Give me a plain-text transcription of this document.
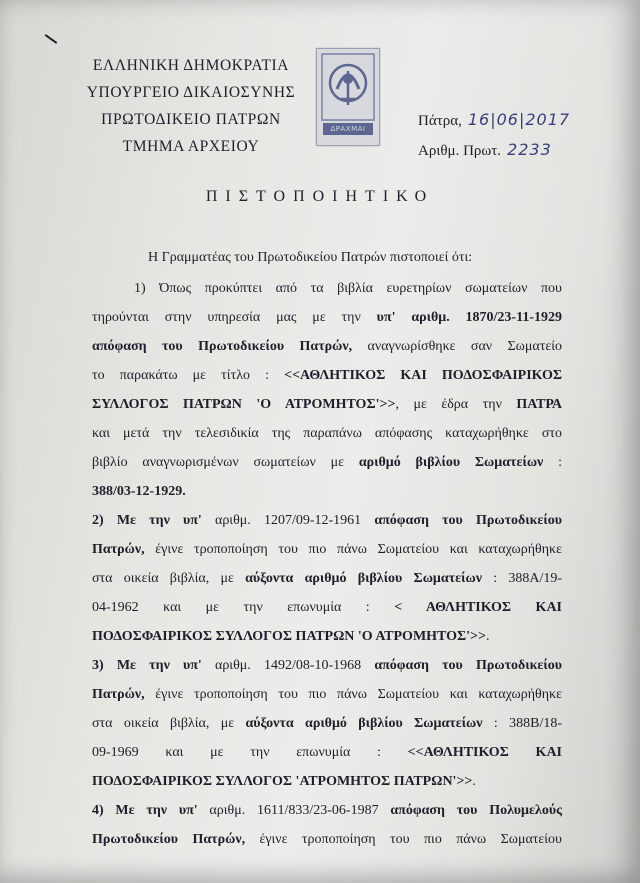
ΕΛΛΗΝΙΚΗ ΔΗΜΟΚΡΑΤΙΑ
ΥΠΟΥΡΓΕΙΟ ΔΙΚΑΙΟΣΥΝΗΣ
ΠΡΩΤΟΔΙΚΕΙΟ ΠΑΤΡΩΝ
ΤΜΗΜΑ ΑΡΧΕΙΟΥ
ΔΡΑΧΜΑΙ	Πάτρα, 16|06|2017
Αριθμ. Πρωτ. 2233
ΠΙΣΤΟΠΟΙΗΤΙΚΟ
Η Γραμματέας του Πρωτοδικείου Πατρών πιστοποιεί ότι:
1) Όπως προκύπτει από τα βιβλία ευρετηρίων σωματείων που
τηρούνται στην υπηρεσία μας με την υπ' αριθμ. 1870/23-11-1929
απόφαση του Πρωτοδικείου Πατρών, αναγνωρίσθηκε σαν Σωματείο
το παρακάτω με τίτλο : <<ΑΘΛΗΤΙΚΟΣ ΚΑΙ ΠΟΔΟΣΦΑΙΡΙΚΟΣ
ΣΥΛΛΟΓΟΣ ΠΑΤΡΩΝ 'Ο ΑΤΡΟΜΗΤΟΣ'>>, με έδρα την ΠΑΤΡΑ
και μετά την τελεσιδικία της παραπάνω απόφασης καταχωρήθηκε στο
βιβλίο αναγνωρισμένων σωματείων με αριθμό βιβλίου Σωματείων :
388/03-12-1929.
2) Με την υπ' αριθμ. 1207/09-12-1961 απόφαση του Πρωτοδικείου
Πατρών, έγινε τροποποίηση του πιο πάνω Σωματείου και καταχωρήθηκε
στα οικεία βιβλία, με αύξοντα αριθμό βιβλίου Σωματείων : 388Α/19-
04-1962 και με την επωνυμία : < ΑΘΛΗΤΙΚΟΣ ΚΑΙ
ΠΟΔΟΣΦΑΙΡΙΚΟΣ ΣΥΛΛΟΓΟΣ ΠΑΤΡΩΝ 'Ο ΑΤΡΟΜΗΤΟΣ'>>.
3) Με την υπ' αριθμ. 1492/08-10-1968 απόφαση του Πρωτοδικείου
Πατρών, έγινε τροποποίηση του πιο πάνω Σωματείου και καταχωρήθηκε
στα οικεία βιβλία, με αύξοντα αριθμό βιβλίου Σωματείων : 388Β/18-
09-1969 και με την επωνυμία : <<ΑΘΛΗΤΙΚΟΣ ΚΑΙ
ΠΟΔΟΣΦΑΙΡΙΚΟΣ ΣΥΛΛΟΓΟΣ 'ΑΤΡΟΜΗΤΟΣ ΠΑΤΡΩΝ'>>.
4) Με την υπ' αριθμ. 1611/833/23-06-1987 απόφαση του Πολυμελούς
Πρωτοδικείου Πατρών, έγινε τροποποίηση του πιο πάνω Σωματείου
